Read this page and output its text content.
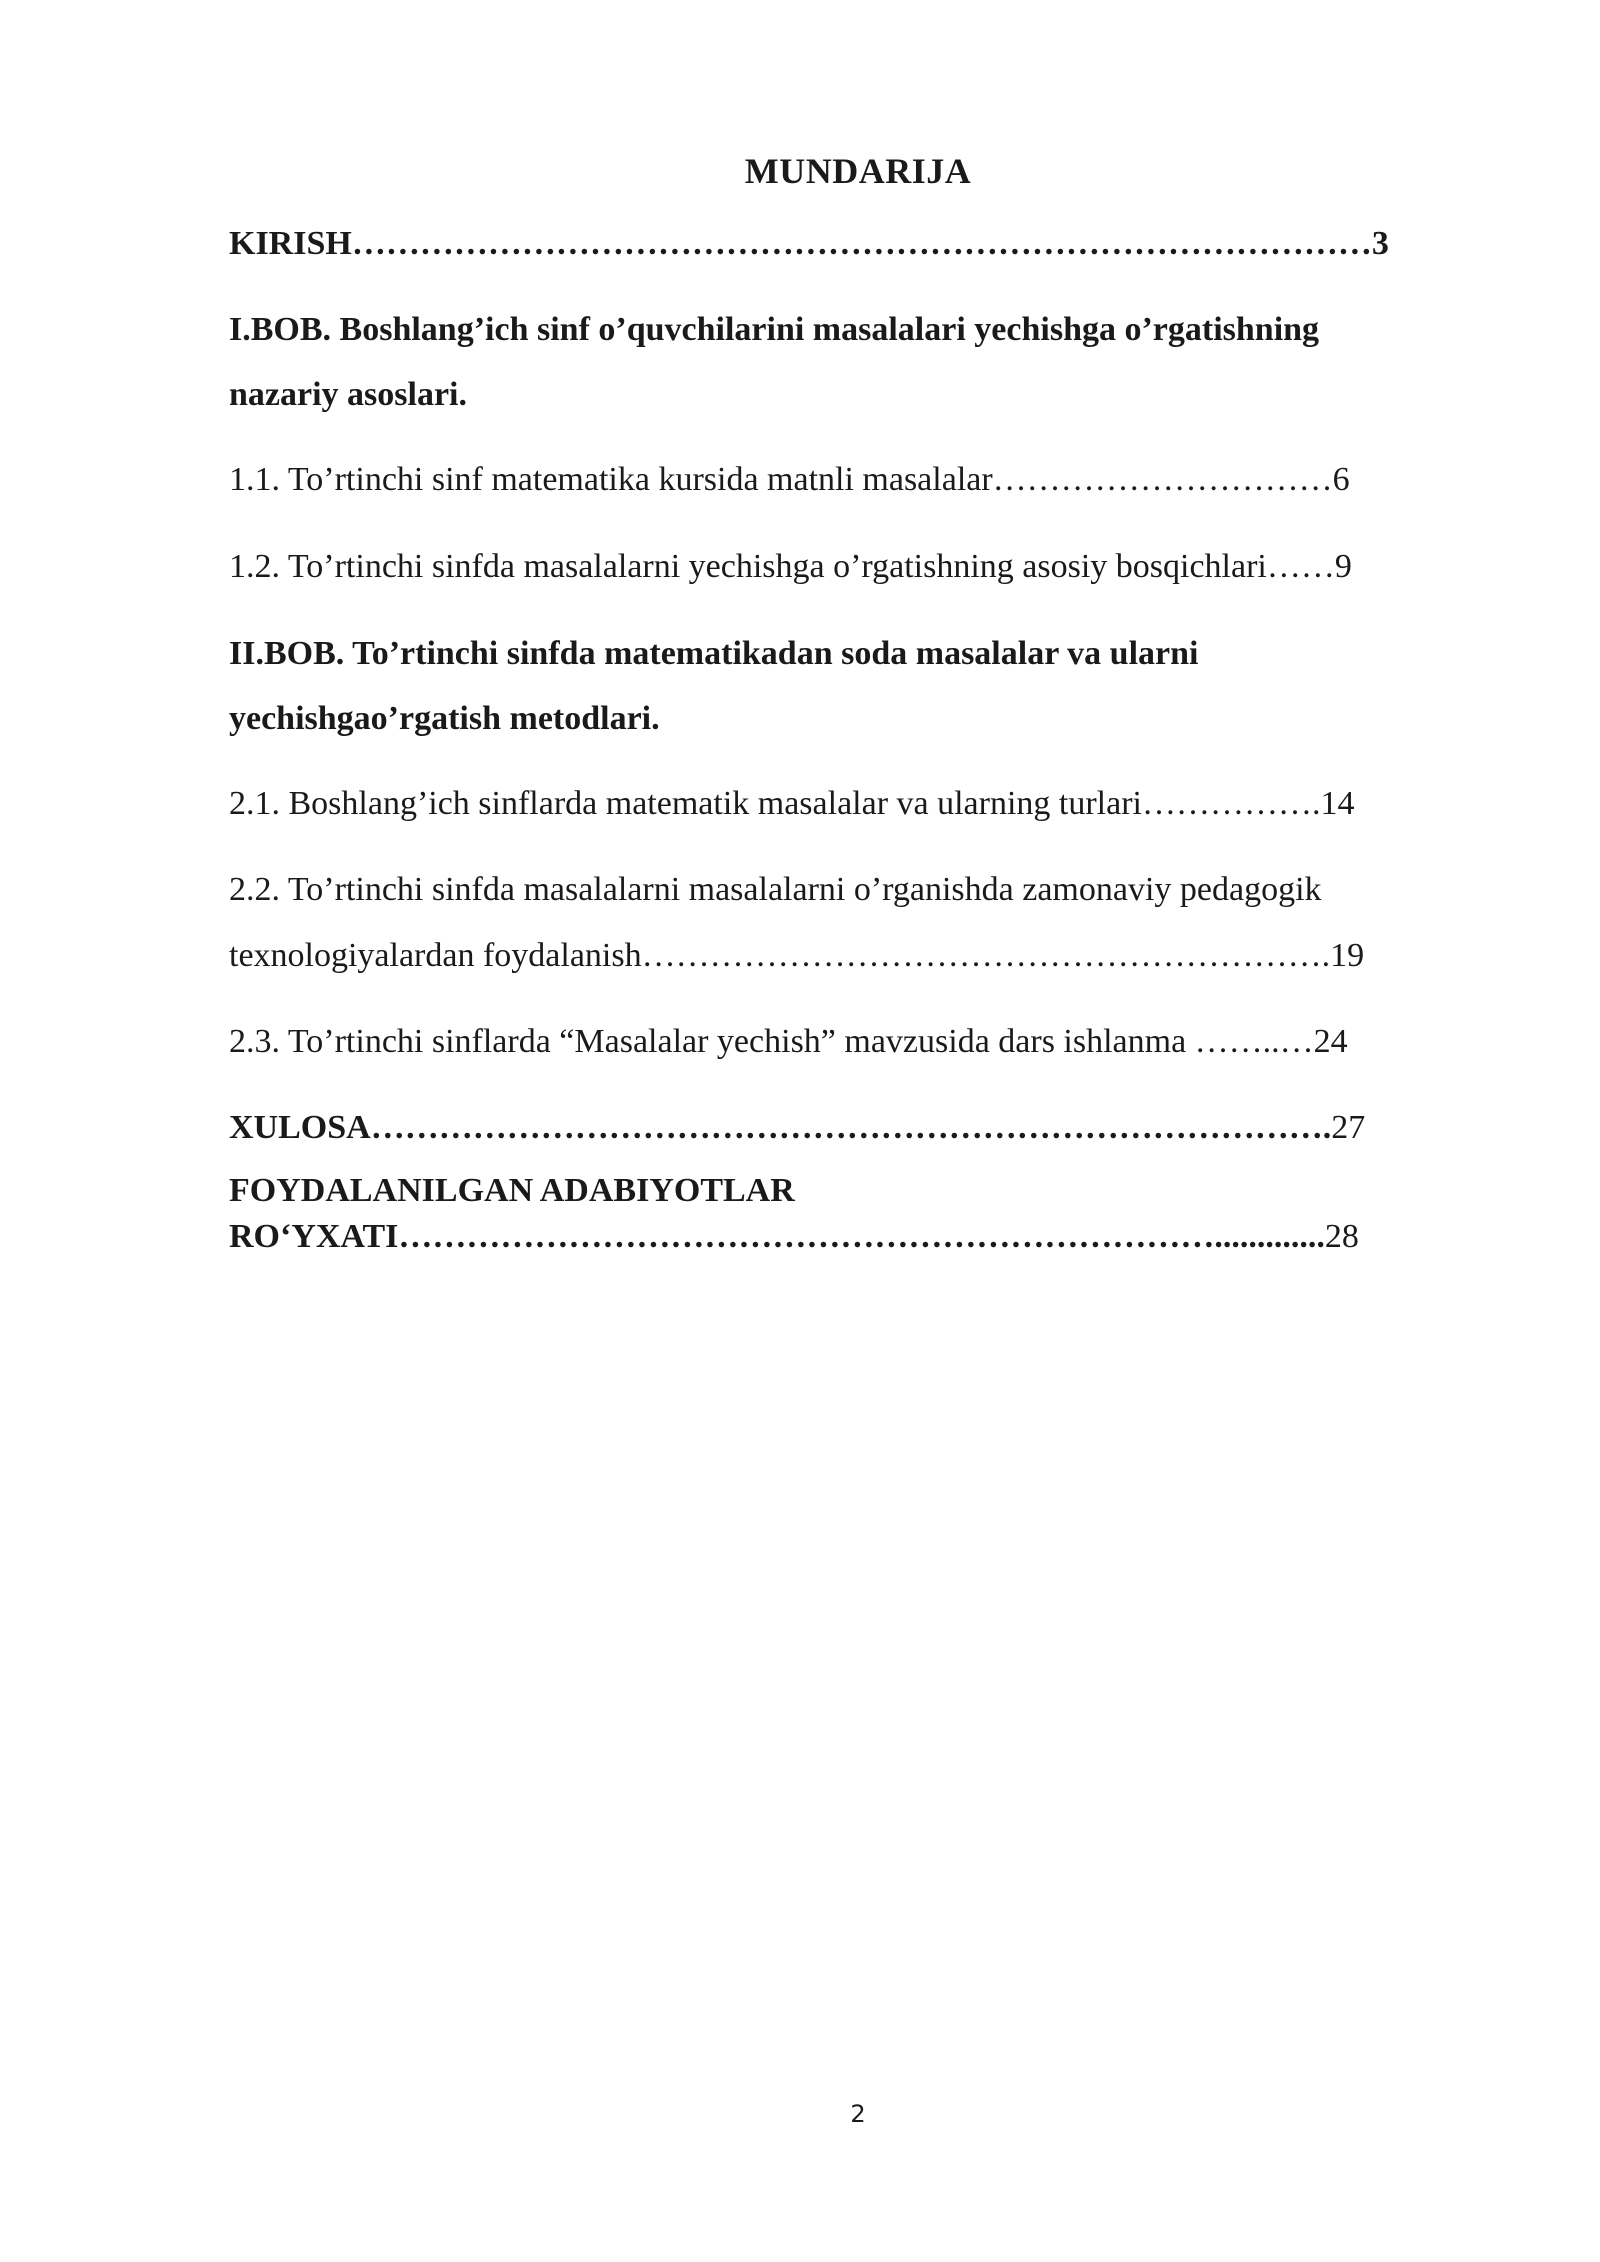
MUNDARIJA
KIRISH………………………………………………………………………………3
I.BOB. Boshlang’ich sinf o’quvchilarini masalalari yechishga o’rgatishning
nazariy asoslari.
1.1. To’rtinchi sinf matematika kursida matnli masalalar…………………………6
1.2. To’rtinchi sinfda masalalarni yechishga o’rgatishning asosiy bosqichlari……9
II.BOB. To’rtinchi sinfda matematikadan soda masalalar va ularni
yechishgao’rgatish metodlari.
2.1. Boshlang’ich sinflarda matematik masalalar va ularning turlari…………….14
2.2. To’rtinchi sinfda masalalarni masalalarni o’rganishda zamonaviy pedagogik
texnologiyalardan foydalanish…………………………………………………….19
2.3. To’rtinchi sinflarda “Masalalar yechish” mavzusida dars ishlanma ……..…24
XULOSA………………………………………………………………………….27
FOYDALANILGAN ADABIYOTLAR
RO‘YXATI……………………………………………………………….............28
2
